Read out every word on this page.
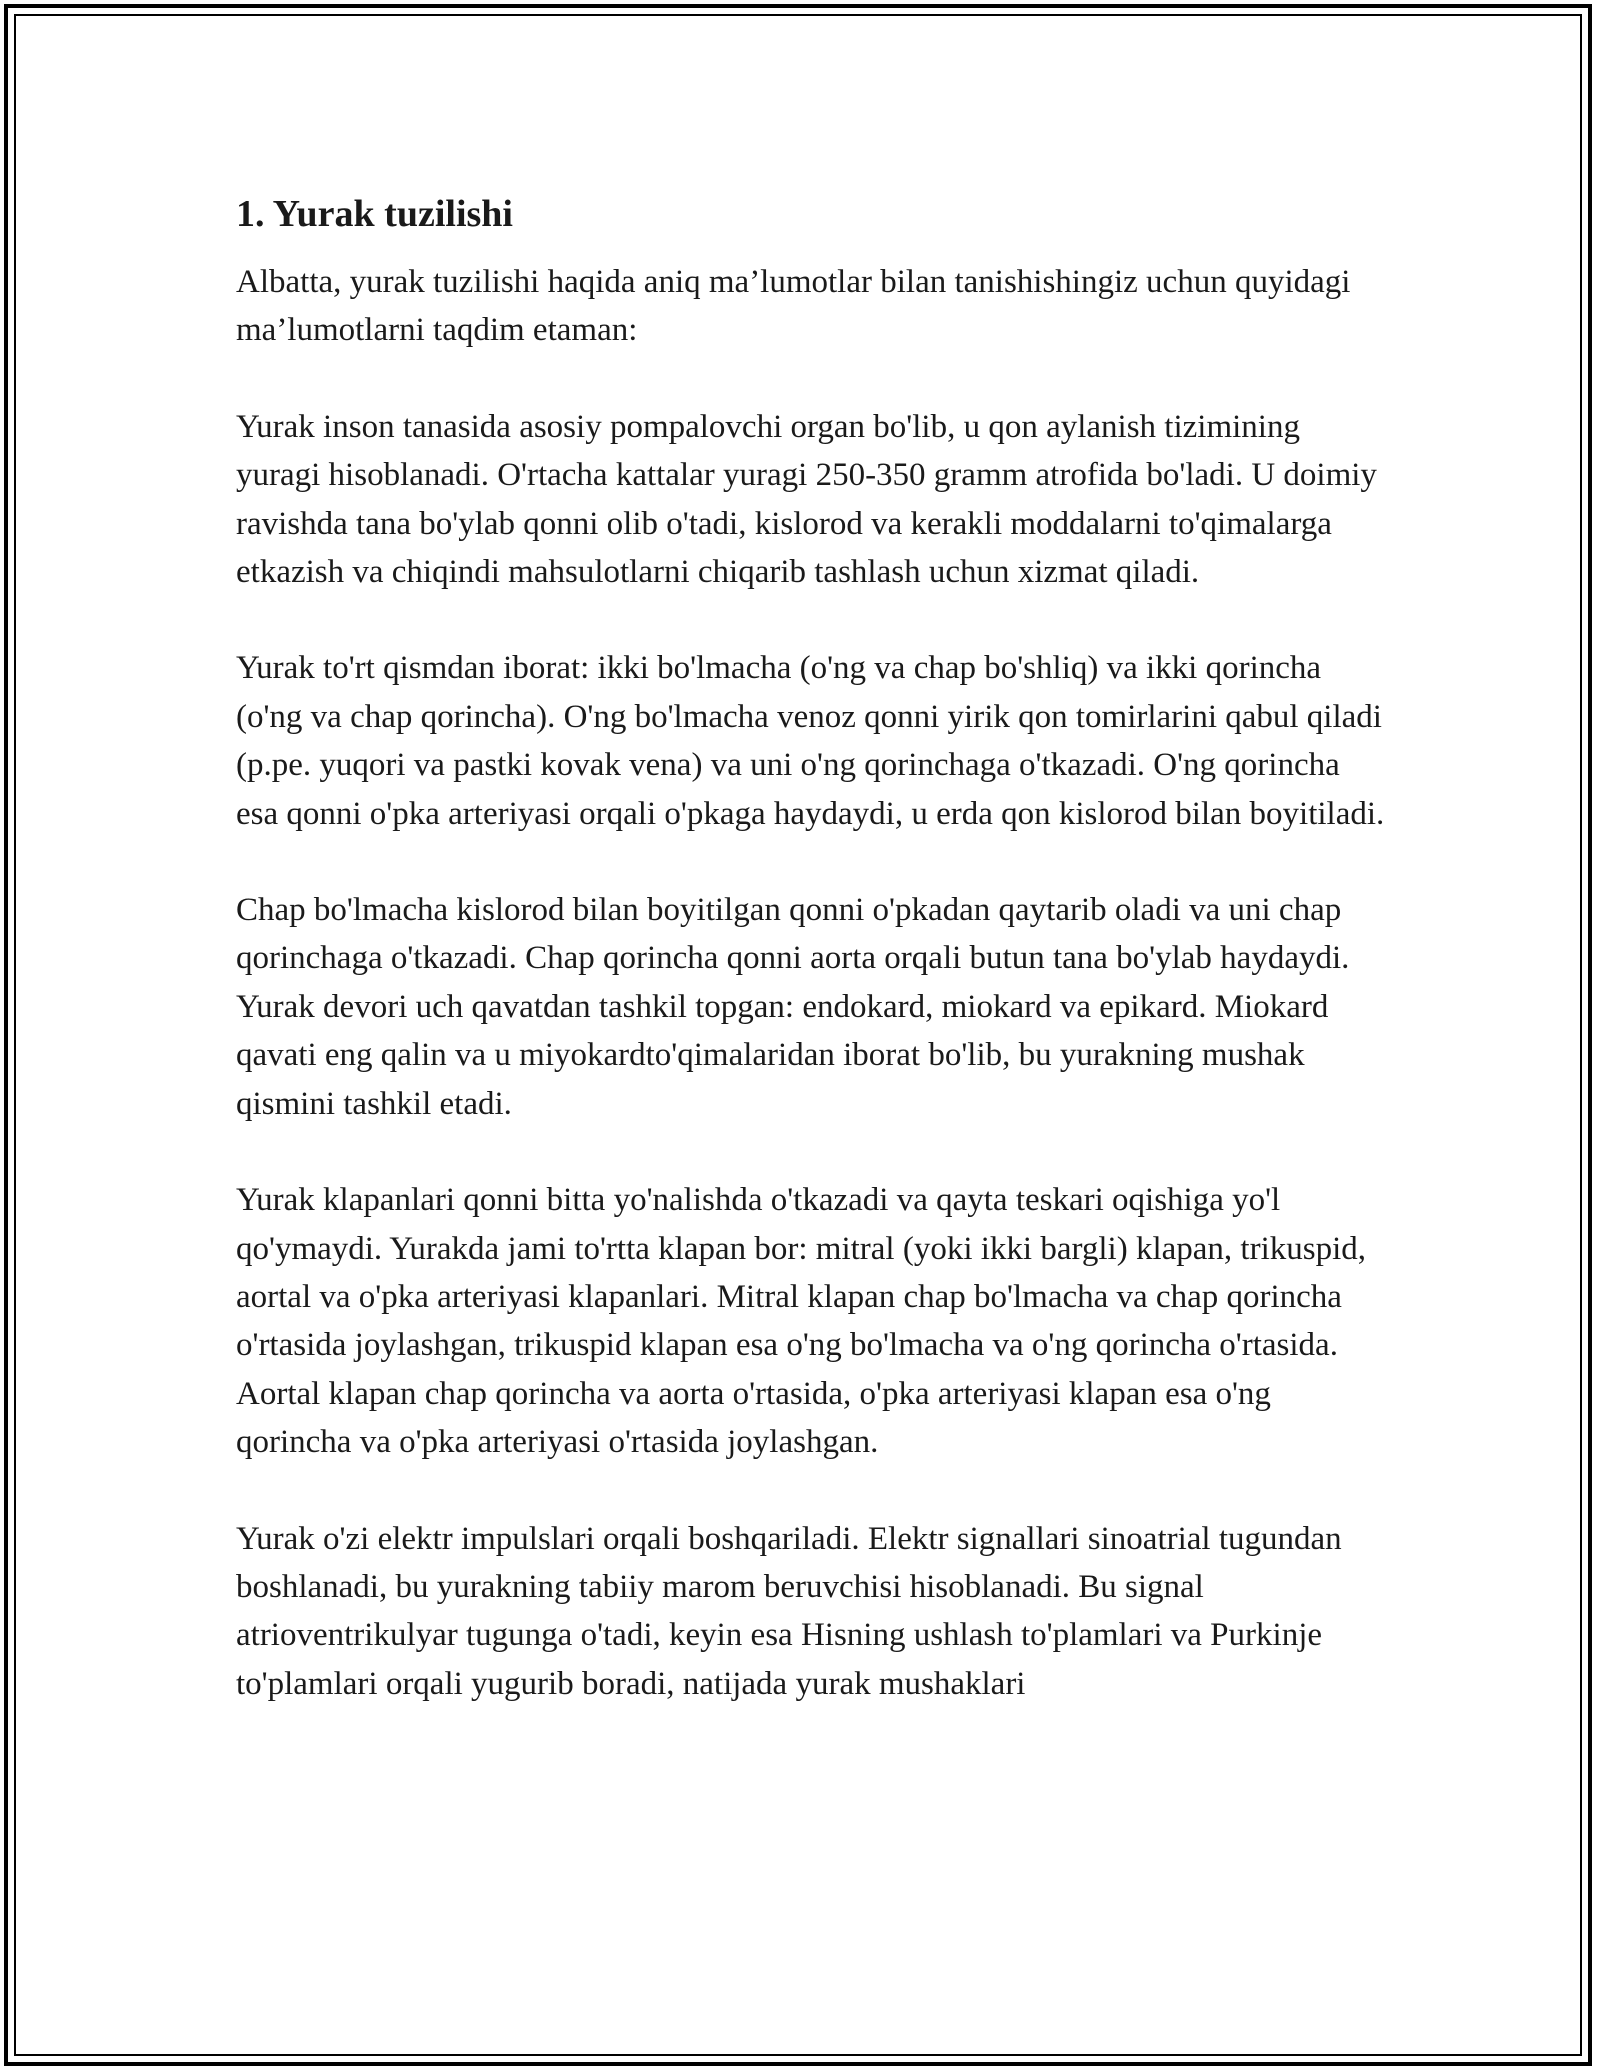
1. Yurak tuzilishi

Albatta, yurak tuzilishi haqida aniq ma’lumotlar bilan tanishishingiz uchun quyidagi ma’lumotlarni taqdim etaman:

Yurak inson tanasida asosiy pompalovchi organ bo'lib, u qon aylanish tizimining yuragi hisoblanadi. O'rtacha kattalar yuragi 250-350 gramm atrofida bo'ladi. U doimiy ravishda tana bo'ylab qonni olib o'tadi, kislorod va kerakli moddalarni to'qimalarga etkazish va chiqindi mahsulotlarni chiqarib tashlash uchun xizmat qiladi.

Yurak to'rt qismdan iborat: ikki bo'lmacha (o'ng va chap bo'shliq) va ikki qorincha (o'ng va chap qorincha). O'ng bo'lmacha venoz qonni yirik qon tomirlarini qabul qiladi (p.pe. yuqori va pastki kovak vena) va uni o'ng qorinchaga o'tkazadi. O'ng qorincha esa qonni o'pka arteriyasi orqali o'pkaga haydaydi, u erda qon kislorod bilan boyitiladi.

Chap bo'lmacha kislorod bilan boyitilgan qonni o'pkadan qaytarib oladi va uni chap qorinchaga o'tkazadi. Chap qorincha qonni aorta orqali butun tana bo'ylab haydaydi. Yurak devori uch qavatdan tashkil topgan: endokard, miokard va epikard. Miokard qavati eng qalin va u miyokardto'qimalaridan iborat bo'lib, bu yurakning mushak qismini tashkil etadi.

Yurak klapanlari qonni bitta yo'nalishda o'tkazadi va qayta teskari oqishiga yo'l qo'ymaydi. Yurakda jami to'rtta klapan bor: mitral (yoki ikki bargli) klapan, trikuspid, aortal va o'pka arteriyasi klapanlari. Mitral klapan chap bo'lmacha va chap qorincha o'rtasida joylashgan, trikuspid klapan esa o'ng bo'lmacha va o'ng qorincha o'rtasida. Aortal klapan chap qorincha va aorta o'rtasida, o'pka arteriyasi klapan esa o'ng qorincha va o'pka arteriyasi o'rtasida joylashgan.

Yurak o'zi elektr impulslari orqali boshqariladi. Elektr signallari sinoatrial tugundan boshlanadi, bu yurakning tabiiy marom beruvchisi hisoblanadi. Bu signal atrioventrikulyar tugunga o'tadi, keyin esa Hisning ushlash to'plamlari va Purkinje to'plamlari orqali yugurib boradi, natijada yurak mushaklari
